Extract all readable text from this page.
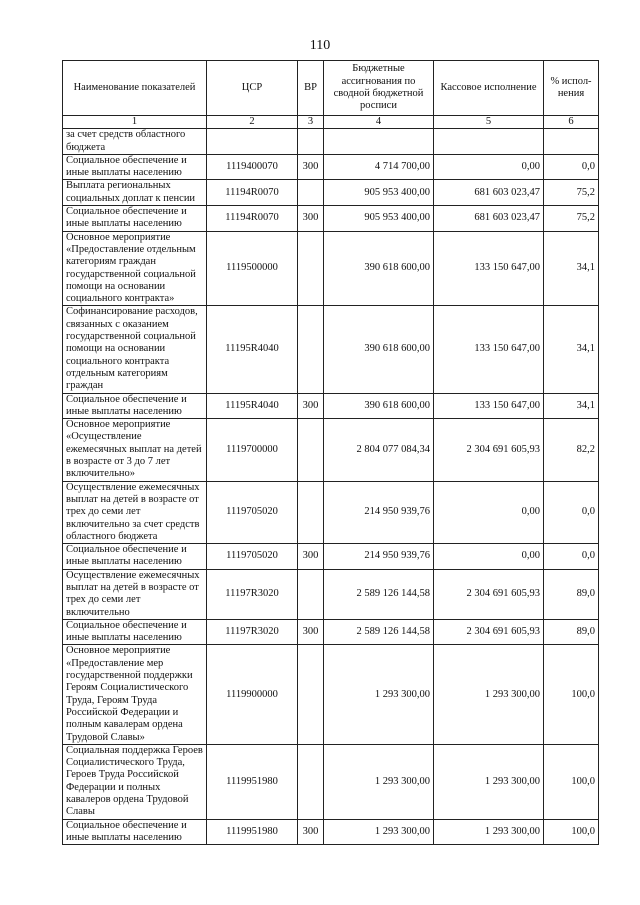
110
Наименование показателей	ЦСР	ВР	Бюджетные ассигнования по сводной бюджетной росписи	Кассовое исполнение	% испол-нения
1	2	3	4	5	6
за счет средств областного бюджета					
Социальное обеспечение и иные выплаты населению	1119400070	300	4 714 700,00	0,00	0,0
Выплата региональных социальных доплат к пенсии	11194R0070		905 953 400,00	681 603 023,47	75,2
Социальное обеспечение и иные выплаты населению	11194R0070	300	905 953 400,00	681 603 023,47	75,2
Основное мероприятие «Предоставление отдельным категориям граждан государственной социальной помощи на основании социального контракта»	1119500000		390 618 600,00	133 150 647,00	34,1
Софинансирование расходов, связанных с оказанием государственной социальной помощи на основании социального контракта отдельным категориям граждан	11195R4040		390 618 600,00	133 150 647,00	34,1
Социальное обеспечение и иные выплаты населению	11195R4040	300	390 618 600,00	133 150 647,00	34,1
Основное мероприятие «Осуществление ежемесячных выплат на детей в возрасте от 3 до 7 лет включительно»	1119700000		2 804 077 084,34	2 304 691 605,93	82,2
Осуществление ежемесячных выплат на детей в возрасте от трех до семи лет включительно за счет средств областного бюджета	1119705020		214 950 939,76	0,00	0,0
Социальное обеспечение и иные выплаты населению	1119705020	300	214 950 939,76	0,00	0,0
Осуществление ежемесячных выплат на детей в возрасте от трех до семи лет включительно	11197R3020		2 589 126 144,58	2 304 691 605,93	89,0
Социальное обеспечение и иные выплаты населению	11197R3020	300	2 589 126 144,58	2 304 691 605,93	89,0
Основное мероприятие «Предоставление мер государственной поддержки Героям Социалистического Труда, Героям Труда Российской Федерации и полным кавалерам ордена Трудовой Славы»	1119900000		1 293 300,00	1 293 300,00	100,0
Социальная поддержка Героев Социалистического Труда, Героев Труда Российской Федерации и полных кавалеров ордена Трудовой Славы	1119951980		1 293 300,00	1 293 300,00	100,0
Социальное обеспечение и иные выплаты населению	1119951980	300	1 293 300,00	1 293 300,00	100,0
